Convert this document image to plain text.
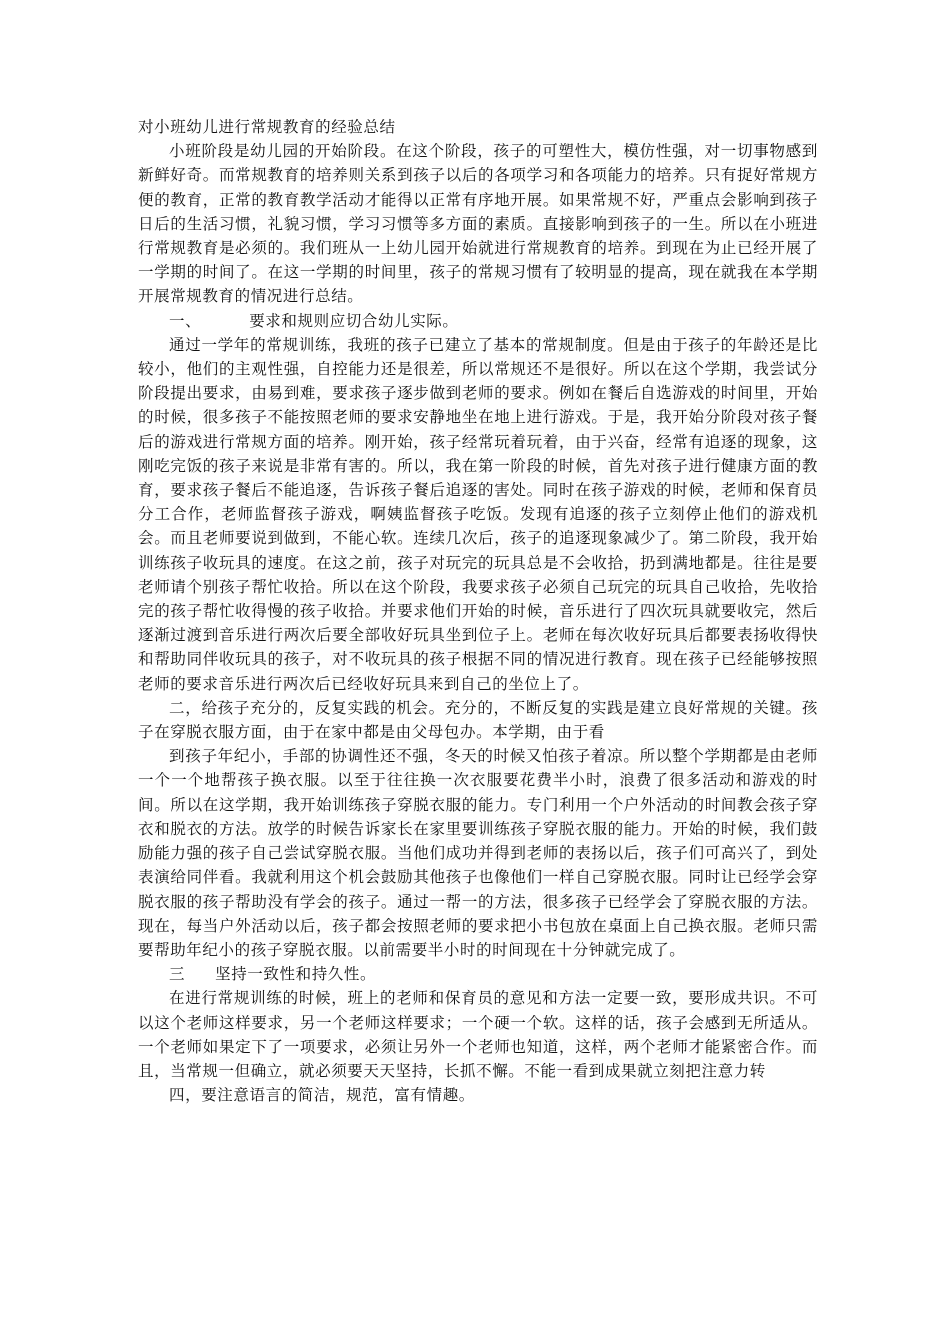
对小班幼儿进行常规教育的经验总结

小班阶段是幼儿园的开始阶段。在这个阶段，孩子的可塑性大，模仿性强，对一切事物感到新鲜好奇。而常规教育的培养则关系到孩子以后的各项学习和各项能力的培养。只有捉好常规方便的教育，正常的教育教学活动才能得以正常有序地开展。如果常规不好，严重点会影响到孩子日后的生活习惯，礼貌习惯，学习习惯等多方面的素质。直接影响到孩子的一生。所以在小班进行常规教育是必须的。我们班从一上幼儿园开始就进行常规教育的培养。到现在为止已经开展了一学期的时间了。在这一学期的时间里，孩子的常规习惯有了较明显的提高，现在就我在本学期开展常规教育的情况进行总结。

一、	要求和规则应切合幼儿实际。

通过一学年的常规训练，我班的孩子已建立了基本的常规制度。但是由于孩子的年龄还是比较小，他们的主观性强，自控能力还是很差，所以常规还不是很好。所以在这个学期，我尝试分阶段提出要求，由易到难，要求孩子逐步做到老师的要求。例如在餐后自选游戏的时间里，开始的时候，很多孩子不能按照老师的要求安静地坐在地上进行游戏。于是，我开始分阶段对孩子餐后的游戏进行常规方面的培养。刚开始，孩子经常玩着玩着，由于兴奋，经常有追逐的现象，这刚吃完饭的孩子来说是非常有害的。所以，我在第一阶段的时候，首先对孩子进行健康方面的教育，要求孩子餐后不能追逐，告诉孩子餐后追逐的害处。同时在孩子游戏的时候，老师和保育员分工合作，老师监督孩子游戏，啊姨监督孩子吃饭。发现有追逐的孩子立刻停止他们的游戏机会。而且老师要说到做到，不能心软。连续几次后，孩子的追逐现象减少了。第二阶段，我开始训练孩子收玩具的速度。在这之前，孩子对玩完的玩具总是不会收拾，扔到满地都是。往往是要老师请个别孩子帮忙收拾。所以在这个阶段，我要求孩子必须自己玩完的玩具自己收拾，先收拾完的孩子帮忙收得慢的孩子收拾。并要求他们开始的时候，音乐进行了四次玩具就要收完，然后逐渐过渡到音乐进行两次后要全部收好玩具坐到位子上。老师在每次收好玩具后都要表扬收得快和帮助同伴收玩具的孩子，对不收玩具的孩子根据不同的情况进行教育。现在孩子已经能够按照老师的要求音乐进行两次后已经收好玩具来到自己的坐位上了。

二，给孩子充分的，反复实践的机会。充分的，不断反复的实践是建立良好常规的关键。孩子在穿脱衣服方面，由于在家中都是由父母包办。本学期，由于看

到孩子年纪小，手部的协调性还不强，冬天的时候又怕孩子着凉。所以整个学期都是由老师一个一个地帮孩子换衣服。以至于往往换一次衣服要花费半小时，浪费了很多活动和游戏的时间。所以在这学期，我开始训练孩子穿脱衣服的能力。专门利用一个户外活动的时间教会孩子穿衣和脱衣的方法。放学的时候告诉家长在家里要训练孩子穿脱衣服的能力。开始的时候，我们鼓励能力强的孩子自己尝试穿脱衣服。当他们成功并得到老师的表扬以后，孩子们可高兴了，到处表演给同伴看。我就利用这个机会鼓励其他孩子也像他们一样自己穿脱衣服。同时让已经学会穿脱衣服的孩子帮助没有学会的孩子。通过一帮一的方法，很多孩子已经学会了穿脱衣服的方法。现在，每当户外活动以后，孩子都会按照老师的要求把小书包放在桌面上自己换衣服。老师只需要帮助年纪小的孩子穿脱衣服。以前需要半小时的时间现在十分钟就完成了。

三 坚持一致性和持久性。

在进行常规训练的时候，班上的老师和保育员的意见和方法一定要一致，要形成共识。不可以这个老师这样要求，另一个老师这样要求；一个硬一个软。这样的话，孩子会感到无所适从。一个老师如果定下了一项要求，必须让另外一个老师也知道，这样，两个老师才能紧密合作。而且，当常规一但确立，就必须要天天坚持，长抓不懈。不能一看到成果就立刻把注意力转

四，要注意语言的简洁，规范，富有情趣。
